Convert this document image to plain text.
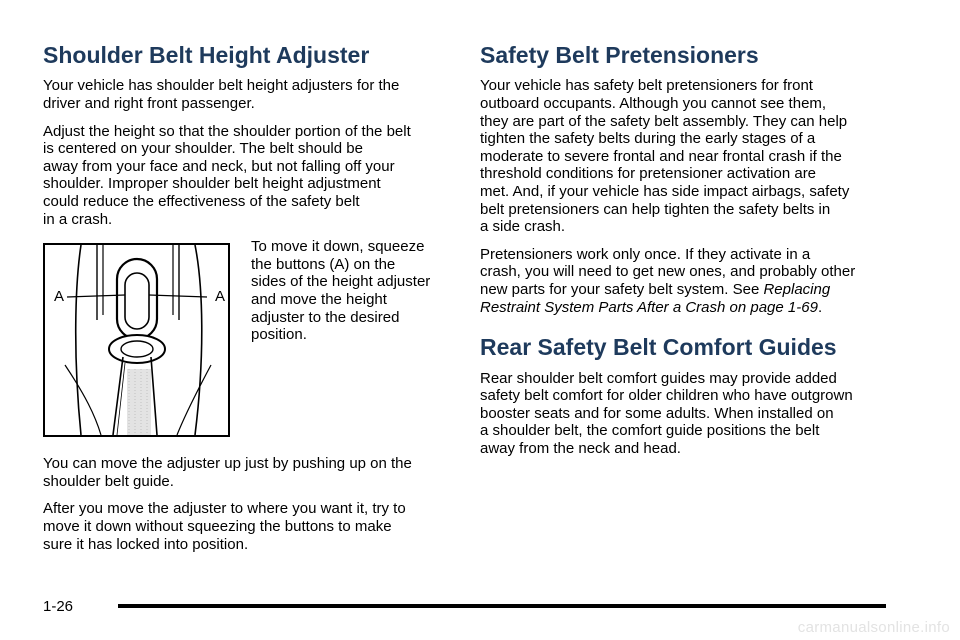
Shoulder Belt Height Adjuster

Your vehicle has shoulder belt height adjusters for the
driver and right front passenger.

Adjust the height so that the shoulder portion of the belt
is centered on your shoulder. The belt should be
away from your face and neck, but not falling off your
shoulder. Improper shoulder belt height adjustment
could reduce the effectiveness of the safety belt
in a crash.

A	A

To move it down, squeeze
the buttons (A) on the
sides of the height adjuster
and move the height
adjuster to the desired
position.

You can move the adjuster up just by pushing up on the
shoulder belt guide.

After you move the adjuster to where you want it, try to
move it down without squeezing the buttons to make
sure it has locked into position.

Safety Belt Pretensioners

Your vehicle has safety belt pretensioners for front
outboard occupants. Although you cannot see them,
they are part of the safety belt assembly. They can help
tighten the safety belts during the early stages of a
moderate to severe frontal and near frontal crash if the
threshold conditions for pretensioner activation are
met. And, if your vehicle has side impact airbags, safety
belt pretensioners can help tighten the safety belts in
a side crash.

Pretensioners work only once. If they activate in a
crash, you will need to get new ones, and probably other
new parts for your safety belt system. See Replacing
Restraint System Parts After a Crash on page 1-69.

Rear Safety Belt Comfort Guides

Rear shoulder belt comfort guides may provide added
safety belt comfort for older children who have outgrown
booster seats and for some adults. When installed on
a shoulder belt, the comfort guide positions the belt
away from the neck and head.

1-26
carmanualsonline.info
